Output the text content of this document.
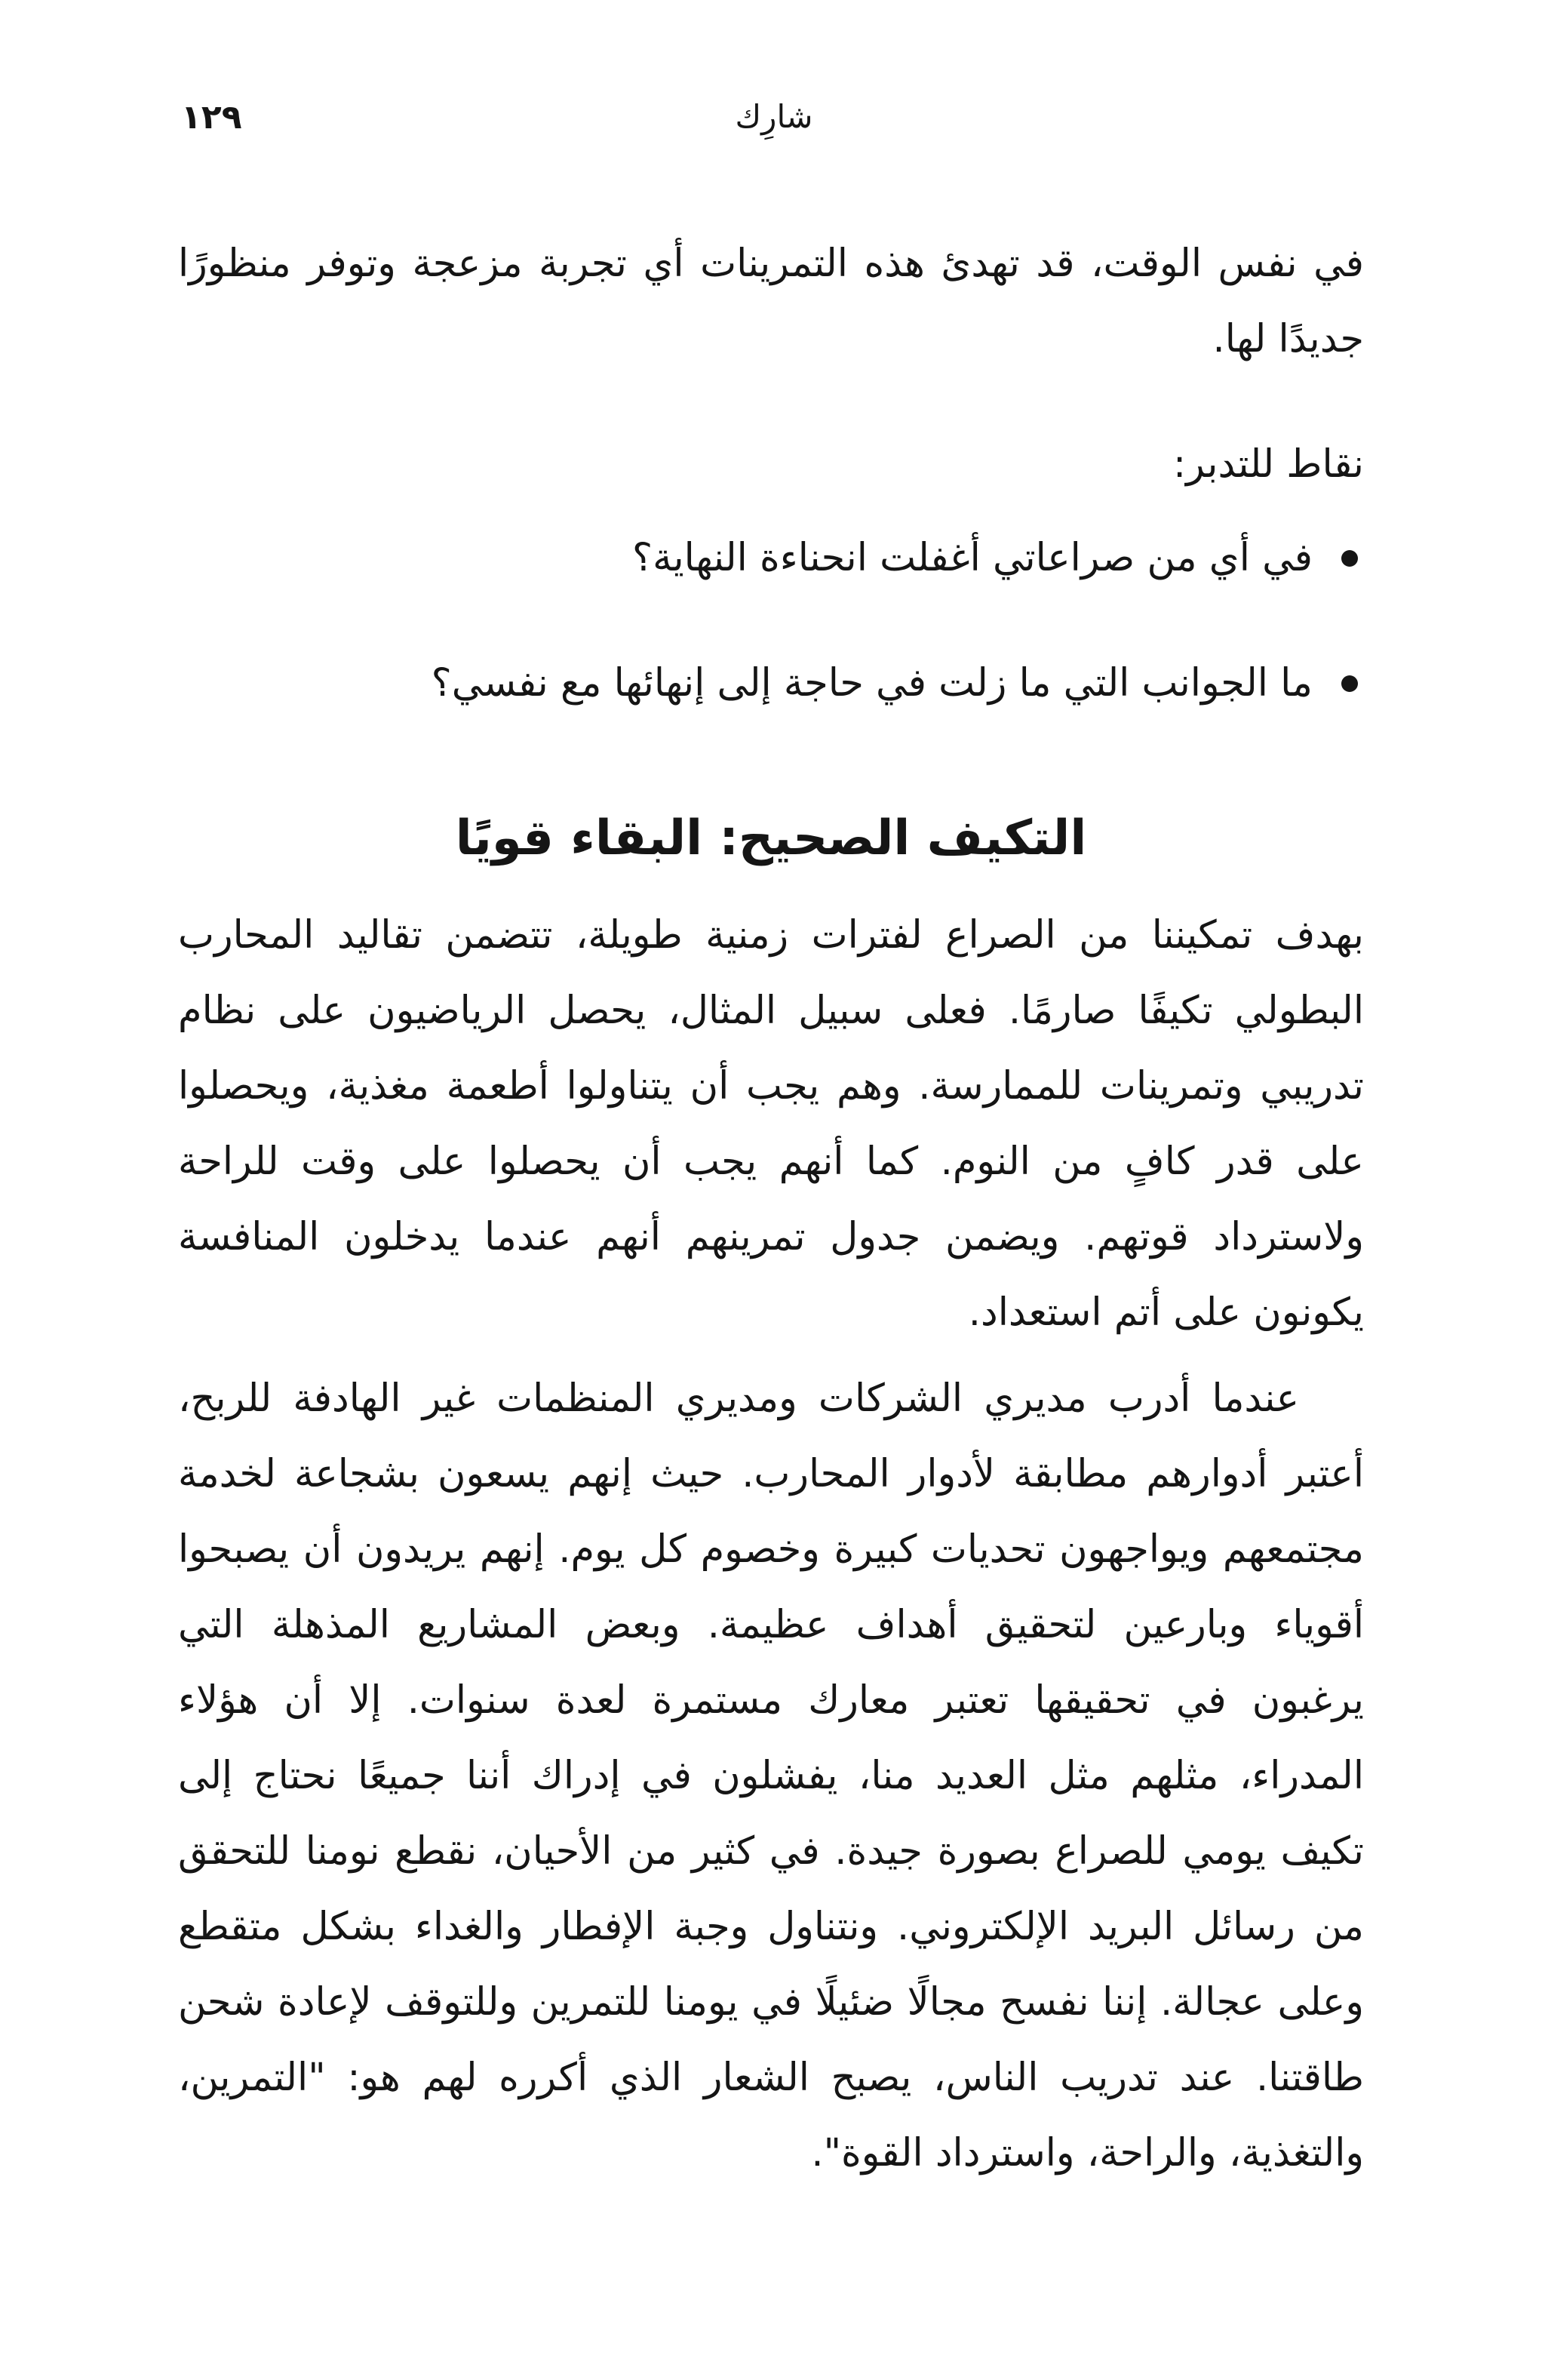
١٢٩	شارِك

في نفس الوقت، قد تهدئ هذه التمرينات أي تجربة مزعجة وتوفر منظورًا جديدًا لها.

نقاط للتدبر:

في أي من صراعاتي أغفلت انحناءة النهاية؟
ما الجوانب التي ما زلت في حاجة إلى إنهائها مع نفسي؟
التكيف الصحيح: البقاء قويًا

بهدف تمكيننا من الصراع لفترات زمنية طويلة، تتضمن تقاليد المحارب البطولي تكيفًا صارمًا. فعلى سبيل المثال، يحصل الرياضيون على نظام تدريبي وتمرينات للممارسة. وهم يجب أن يتناولوا أطعمة مغذية، ويحصلوا على قدر كافٍ من النوم. كما أنهم يجب أن يحصلوا على وقت للراحة ولاسترداد قوتهم. ويضمن جدول تمرينهم أنهم عندما يدخلون المنافسة يكونون على أتم استعداد.

عندما أدرب مديري الشركات ومديري المنظمات غير الهادفة للربح، أعتبر أدوارهم مطابقة لأدوار المحارب. حيث إنهم يسعون بشجاعة لخدمة مجتمعهم ويواجهون تحديات كبيرة وخصوم كل يوم. إنهم يريدون أن يصبحوا أقوياء وبارعين لتحقيق أهداف عظيمة. وبعض المشاريع المذهلة التي يرغبون في تحقيقها تعتبر معارك مستمرة لعدة سنوات. إلا أن هؤلاء المدراء، مثلهم مثل العديد منا، يفشلون في إدراك أننا جميعًا نحتاج إلى تكيف يومي للصراع بصورة جيدة. في كثير من الأحيان، نقطع نومنا للتحقق من رسائل البريد الإلكتروني. ونتناول وجبة الإفطار والغداء بشكل متقطع وعلى عجالة. إننا نفسح مجالًا ضئيلًا في يومنا للتمرين وللتوقف لإعادة شحن طاقتنا. عند تدريب الناس، يصبح الشعار الذي أكرره لهم هو: "التمرين، والتغذية، والراحة، واسترداد القوة".
